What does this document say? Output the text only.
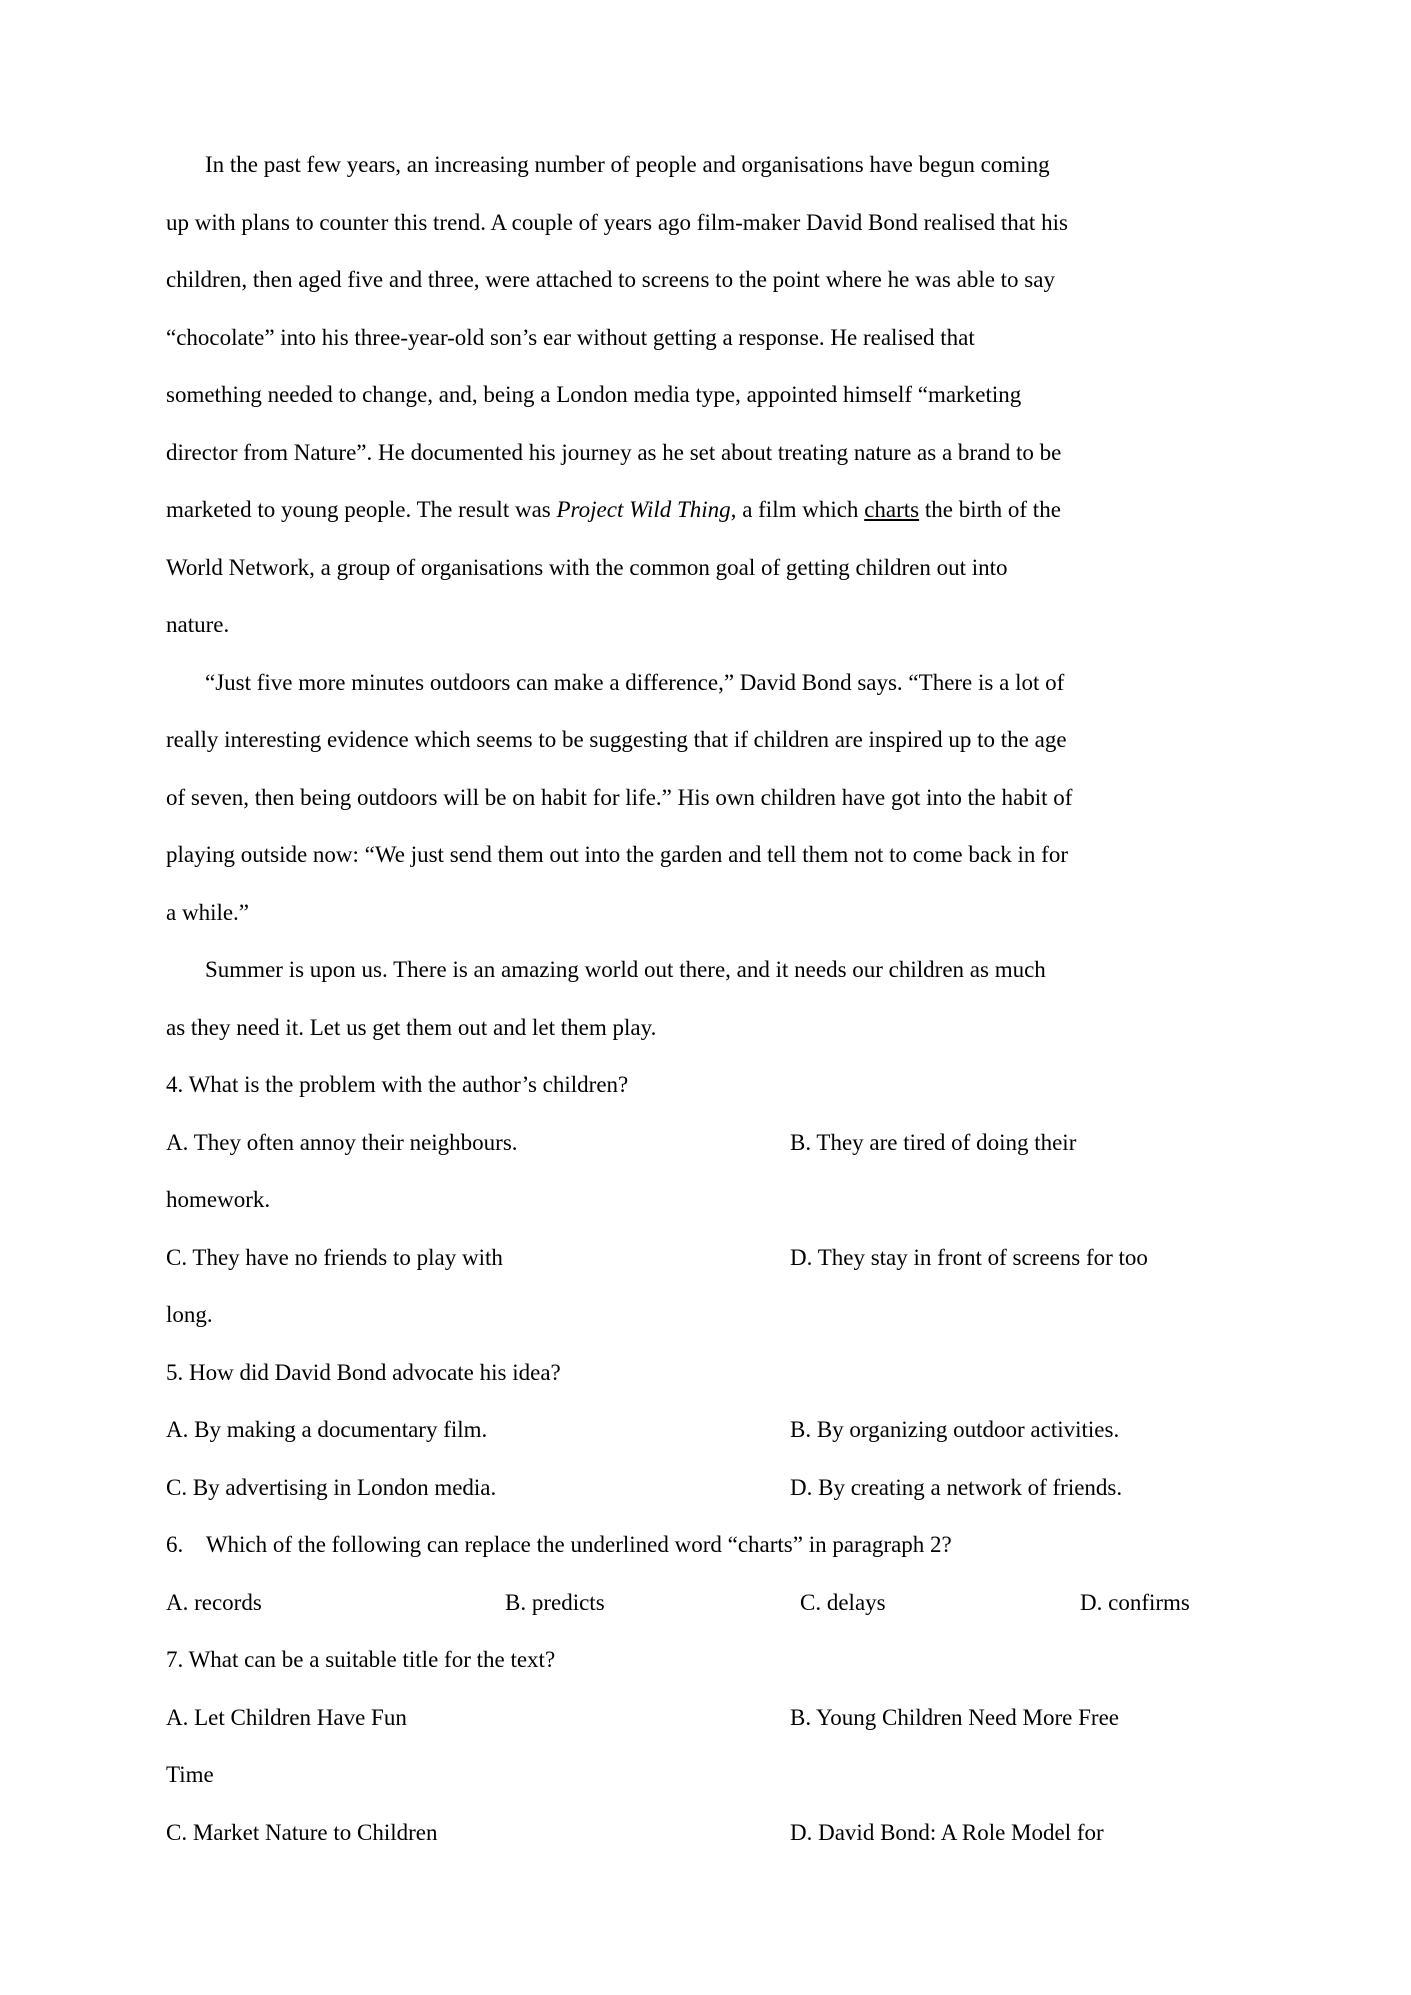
In the past few years, an increasing number of people and organisations have begun coming
up with plans to counter this trend. A couple of years ago film-maker David Bond realised that his
children, then aged five and three, were attached to screens to the point where he was able to say
“chocolate” into his three-year-old son’s ear without getting a response. He realised that
something needed to change, and, being a London media type, appointed himself “marketing
director from Nature”. He documented his journey as he set about treating nature as a brand to be
marketed to young people. The result was Project Wild Thing, a film which charts the birth of the
World Network, a group of organisations with the common goal of getting children out into
nature.
“Just five more minutes outdoors can make a difference,” David Bond says. “There is a lot of
really interesting evidence which seems to be suggesting that if children are inspired up to the age
of seven, then being outdoors will be on habit for life.” His own children have got into the habit of
playing outside now: “We just send them out into the garden and tell them not to come back in for
a while.”
Summer is upon us. There is an amazing world out there, and it needs our children as much
as they need it. Let us get them out and let them play.
4. What is the problem with the author’s children?
A. They often annoy their neighbours.	B. They are tired of doing their
homework.
C. They have no friends to play with	D. They stay in front of screens for too
long.
5. How did David Bond advocate his idea?
A. By making a documentary film.	B. By organizing outdoor activities.
C. By advertising in London media.	D. By creating a network of friends.
6.    Which of the following can replace the underlined word “charts” in paragraph 2?
A. records	B. predicts	C. delays	D. confirms
7. What can be a suitable title for the text?
A. Let Children Have Fun	B. Young Children Need More Free
Time
C. Market Nature to Children	D. David Bond: A Role Model for
